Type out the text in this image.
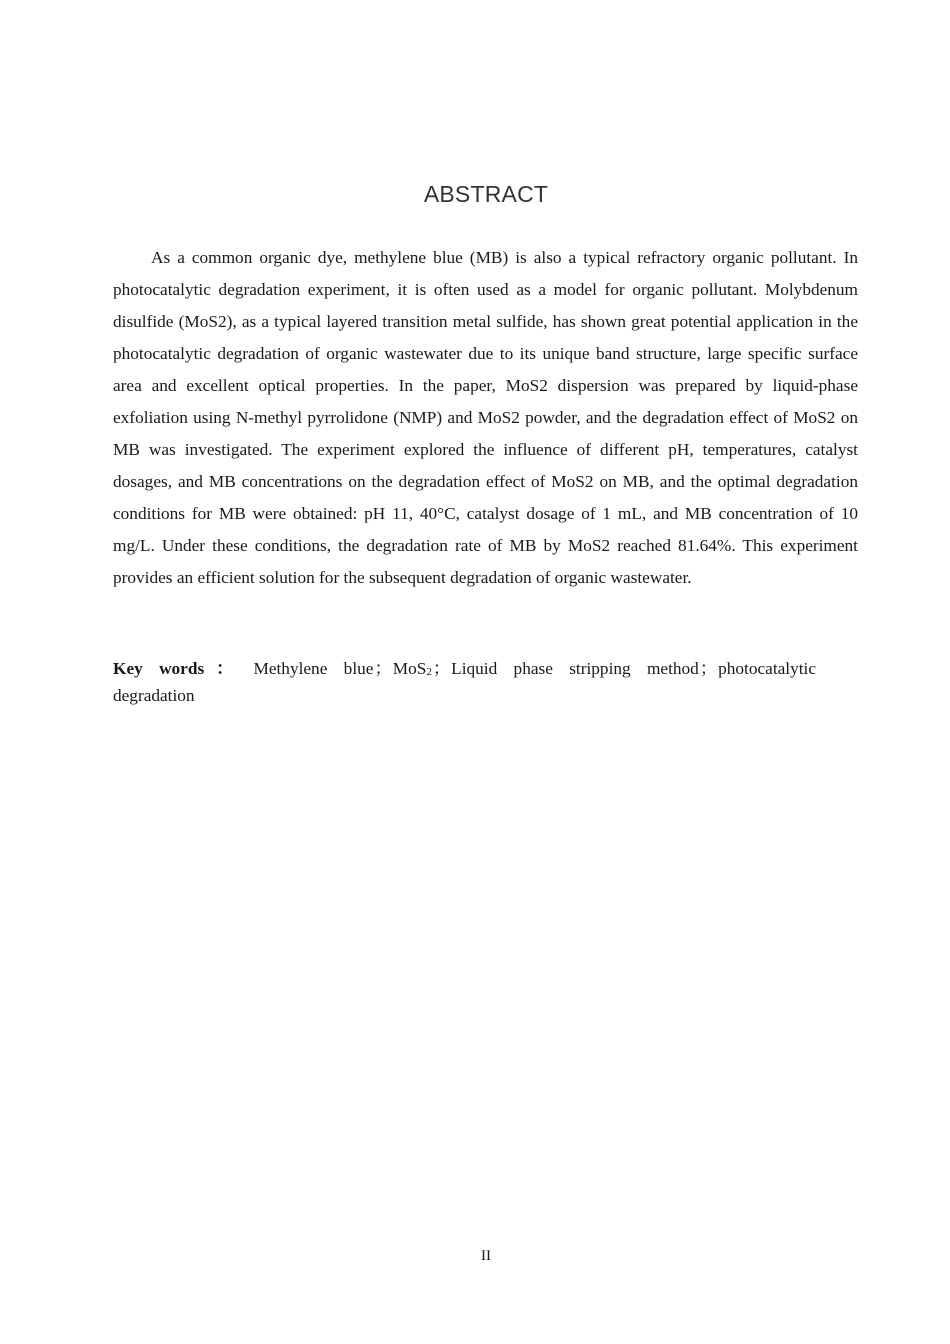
ABSTRACT

As a common organic dye, methylene blue (MB) is also a typical refractory organic pollutant. In photocatalytic degradation experiment, it is often used as a model for organic pollutant. Molybdenum disulfide (MoS2), as a typical layered transition metal sulfide, has shown great potential application in the photocatalytic degradation of organic wastewater due to its unique band structure, large specific surface area and excellent optical properties. In the paper, MoS2 dispersion was prepared by liquid-phase exfoliation using N-methyl pyrrolidone (NMP) and MoS2 powder, and the degradation effect of MoS2 on MB was investigated. The experiment explored the influence of different pH, temperatures, catalyst dosages, and MB concentrations on the degradation effect of MoS2 on MB, and the optimal degradation conditions for MB were obtained: pH 11, 40°C, catalyst dosage of 1 mL, and MB concentration of 10 mg/L. Under these conditions, the degradation rate of MB by MoS2 reached 81.64%. This experiment provides an efficient solution for the subsequent degradation of organic wastewater.

Key words： Methylene blue；MoS2；Liquid phase stripping method；photocatalytic degradation

II
